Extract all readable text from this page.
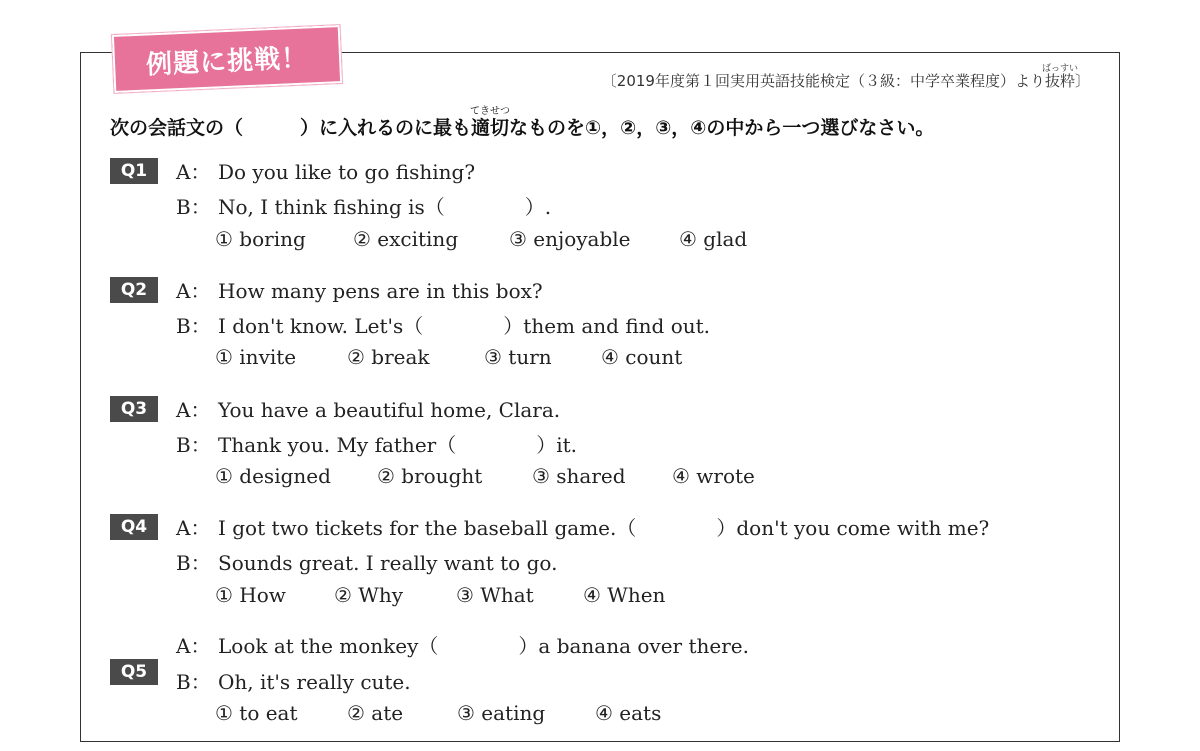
例題に挑戦！
〔2019年度第１回実用英語技能検定（３級：中学卒業程度）より
ばっすい
抜粋〕
次の会話文の（　　　）に入れるのに最も
てきせつ
適切なものを①，②，③，④の中から一つ選びなさい。
Q1	A： Do you like to go fishing?
B： No, I think fishing is（　　　　）.
① boring ② exciting	③ enjoyable ④ glad
Q2	A： How many pens are in this box?
B： I don't know. Let's（　　　　）them and find out.
① invite	② break	③ turn ④ count
Q3	A： You have a beautiful home, Clara.
B： Thank you. My father（　　　　）it.
① designed ② brought ③ shared ④ wrote
Q4	A： I got two tickets for the baseball game.（　　　　）don't you come with me?
B： Sounds great. I really want to go.
① How ② Why	③ What ④ When
Q5
A： Look at the monkey（　　　　）a banana over there.
B： Oh, it's really cute.
① to eat ② ate	③ eating ④ eats
